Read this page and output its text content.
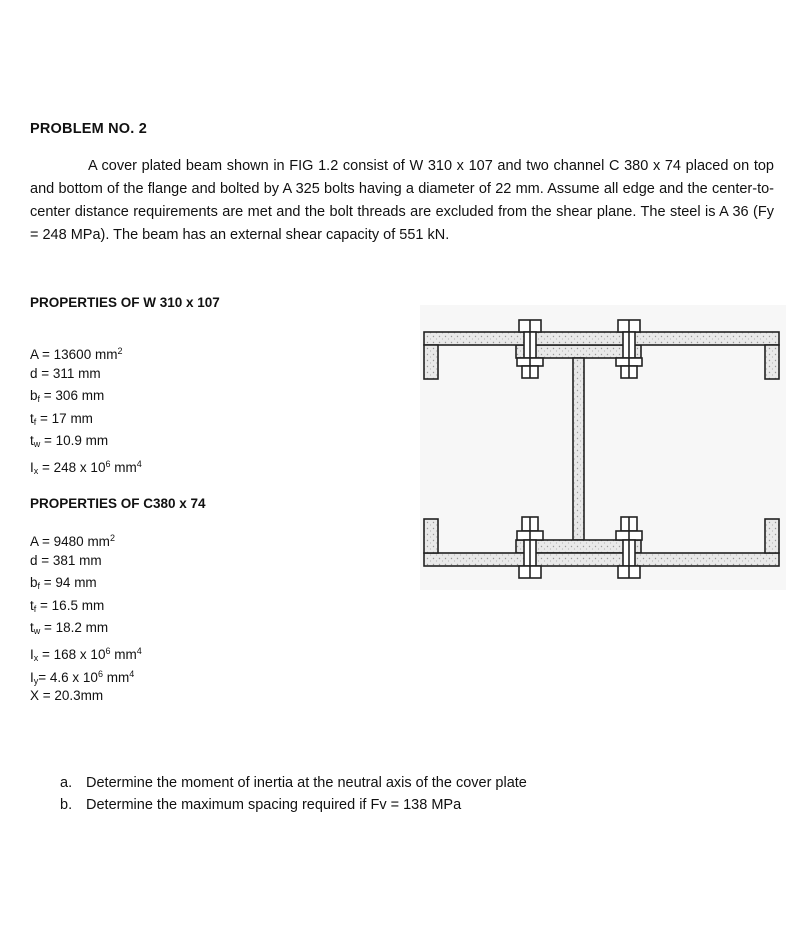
PROBLEM NO. 2

A cover plated beam shown in FIG 1.2 consist of W 310 x 107 and two channel C 380 x 74 placed on top and bottom of the flange and bolted by A 325 bolts having a diameter of 22 mm. Assume all edge and the center-to-center distance requirements are met and the bolt threads are excluded from the shear plane. The steel is A 36 (Fy = 248 MPa). The beam has an external shear capacity of 551 kN.

PROPERTIES OF W 310 x 107
A = 13600 $mm^2$
d = 311 mm
$b_f = 306$ mm
$t_f = 17$ mm
$t_w = 10.9$ mm
$I_x = 248$ x $10^6$ $mm^4$
PROPERTIES OF C380 x 74
A = 9480 $mm^2$
d = 381 mm
$b_f = 94$ mm
$t_f = 16.5$ mm
$t_w = 18.2$ mm
$I_x = 168$ x $10^6$ $mm^4$
$I_y= 4.6$ x $10^6$ $mm^4$
X = 20.3mm
a. Determine the moment of inertia at the neutral axis of the cover plate
b. Determine the maximum spacing required if Fv = 138 MPa
